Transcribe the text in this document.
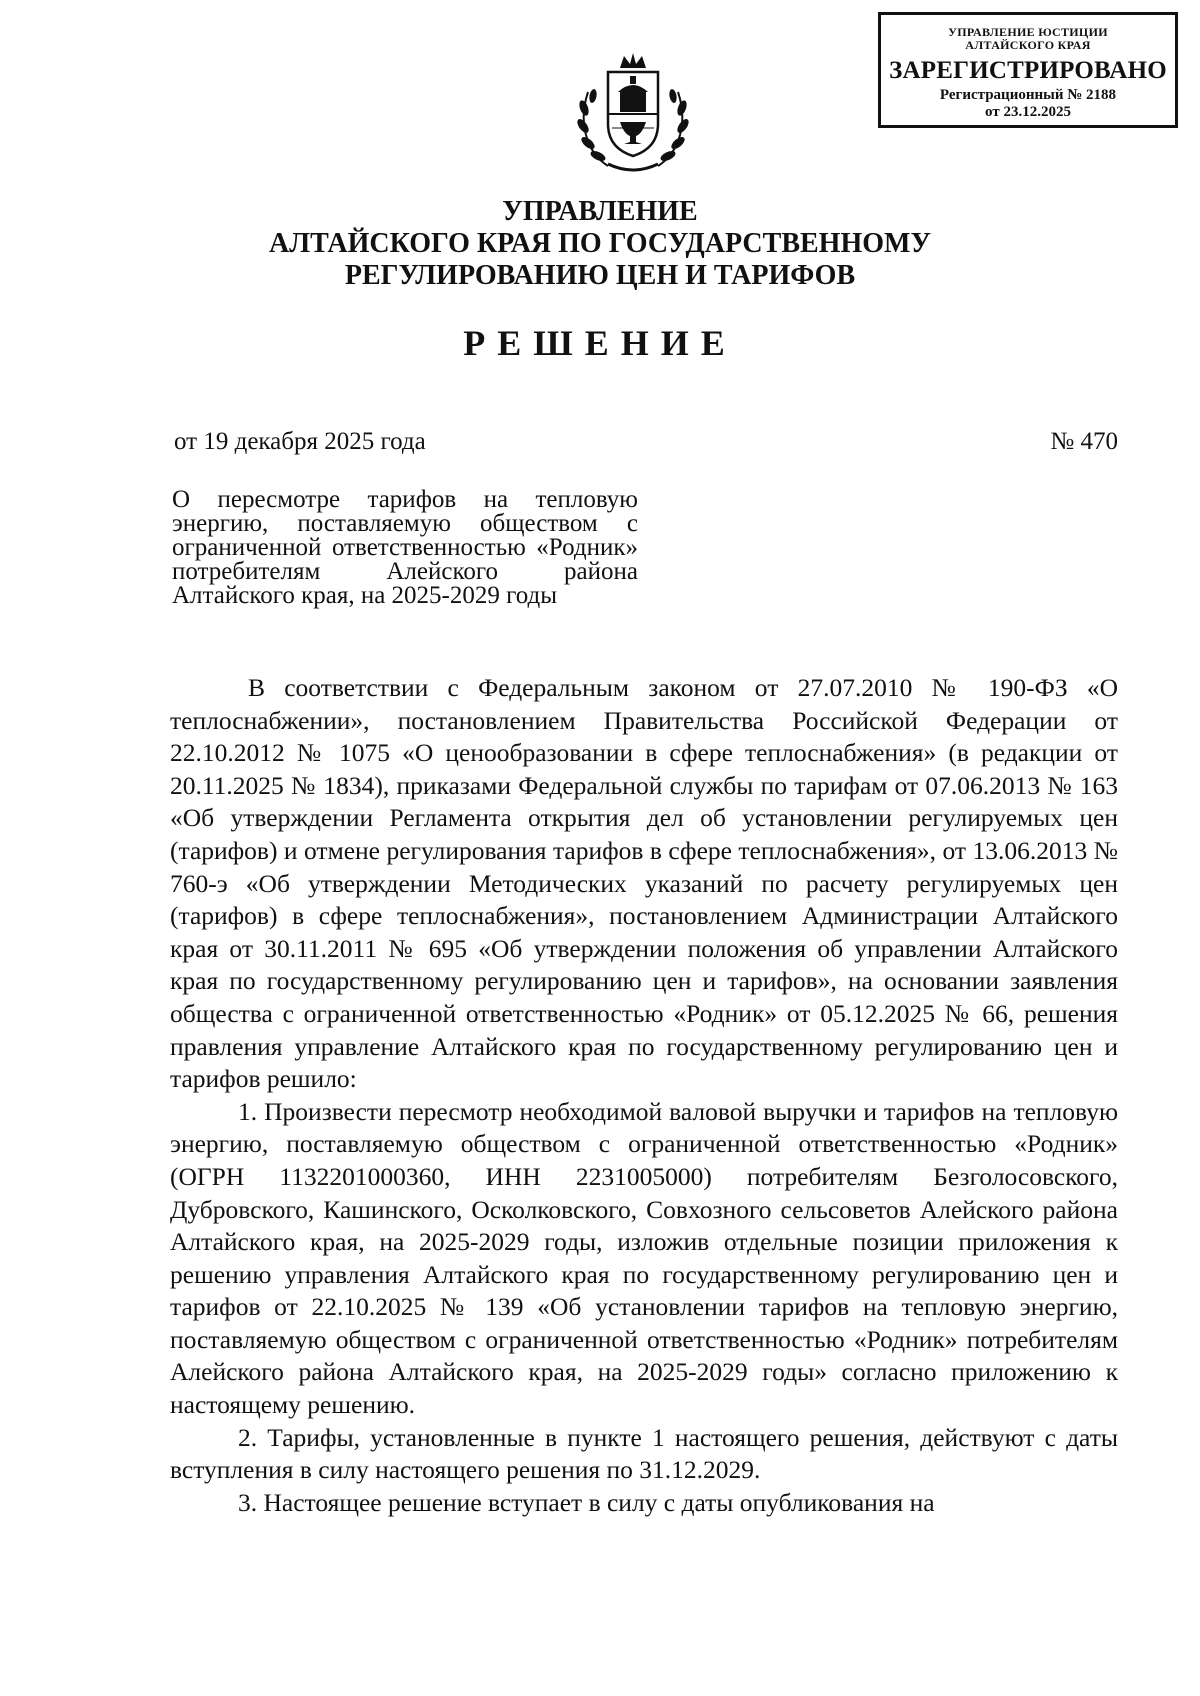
УПРАВЛЕНИЕ ЮСТИЦИИ
АЛТАЙСКОГО КРАЯ
ЗАРЕГИСТРИРОВАНО
Регистрационный № 2188
от 23.12.2025
УПРАВЛЕНИЕ
АЛТАЙСКОГО КРАЯ ПО ГОСУДАРСТВЕННОМУ
РЕГУЛИРОВАНИЮ ЦЕН И ТАРИФОВ
РЕШЕНИЕ
от 19 декабря 2025 года	№ 470
О пересмотре тарифов на тепловую энергию, поставляемую обществом с ограниченной ответственностью «Родник» потребителям Алейского района Алтайского края, на 2025-2029 годы

В соответствии с Федеральным законом от 27.07.2010 № 190-ФЗ «О теплоснабжении», постановлением Правительства Российской Федерации от 22.10.2012 № 1075 «О ценообразовании в сфере теплоснабжения» (в редакции от 20.11.2025 № 1834), приказами Федеральной службы по тарифам от 07.06.2013 № 163 «Об утверждении Регламента открытия дел об установлении регулируемых цен (тарифов) и отмене регулирования тарифов в сфере теплоснабжения», от 13.06.2013 № 760-э «Об утверждении Методических указаний по расчету регулируемых цен (тарифов) в сфере теплоснабжения», постановлением Администрации Алтайского края от 30.11.2011 № 695 «Об утверждении положения об управлении Алтайского края по государственному регулированию цен и тарифов», на основании заявления общества с ограниченной ответственностью «Родник» от 05.12.2025 № 66, решения правления управление Алтайского края по государственному регулированию цен и тарифов решило:

1. Произвести пересмотр необходимой валовой выручки и тарифов на тепловую энергию, поставляемую обществом с ограниченной ответственностью «Родник» (ОГРН 1132201000360, ИНН 2231005000) потребителям Безголосовского, Дубровского, Кашинского, Осколковского, Совхозного сельсоветов Алейского района Алтайского края, на 2025-2029 годы, изложив отдельные позиции приложения к решению управления Алтайского края по государственному регулированию цен и тарифов от 22.10.2025 № 139 «Об установлении тарифов на тепловую энергию, поставляемую обществом с ограниченной ответственностью «Родник» потребителям Алейского района Алтайского края, на 2025-2029 годы» согласно приложению к настоящему решению.

2. Тарифы, установленные в пункте 1 настоящего решения, действуют с даты вступления в силу настоящего решения по 31.12.2029.

3. Настоящее решение вступает в силу с даты опубликования на
